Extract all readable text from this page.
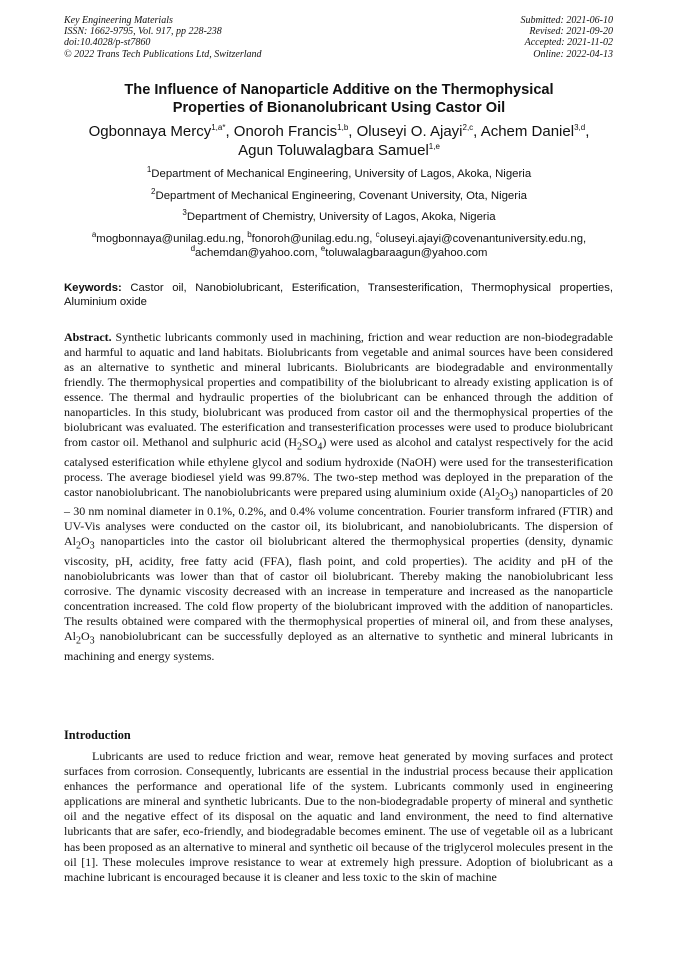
Key Engineering Materials
ISSN: 1662-9795, Vol. 917, pp 228-238
doi:10.4028/p-st7860
© 2022 Trans Tech Publications Ltd, Switzerland
Submitted: 2021-06-10
Revised: 2021-09-20
Accepted: 2021-11-02
Online: 2022-04-13
The Influence of Nanoparticle Additive on the Thermophysical
Properties of Bionanolubricant Using Castor Oil
Ogbonnaya Mercy$^{1,a*}$, Onoroh Francis$^{1,b}$, Oluseyi O. Ajayi$^{2,c}$, Achem Daniel$^{3,d}$,
Agun Toluwalagbara Samuel$^{1,e}$
$^1$Department of Mechanical Engineering, University of Lagos, Akoka, Nigeria
$^2$Department of Mechanical Engineering, Covenant University, Ota, Nigeria
$^3$Department of Chemistry, University of Lagos, Akoka, Nigeria
$^a$mogbonnaya@unilag.edu.ng, $^b$fonoroh@unilag.edu.ng, $^c$oluseyi.ajayi@covenantuniversity.edu.ng,
$^d$achemdan@yahoo.com, $^e$toluwalagbaraagun@yahoo.com
Keywords: Castor oil, Nanobiolubricant, Esterification, Transesterification, Thermophysical properties, Aluminium oxide
Abstract. Synthetic lubricants commonly used in machining, friction and wear reduction are non-biodegradable and harmful to aquatic and land habitats. Biolubricants from vegetable and animal sources have been considered as an alternative to synthetic and mineral lubricants. Biolubricants are biodegradable and environmentally friendly. The thermophysical properties and compatibility of the biolubricant to already existing application is of essence. The thermal and hydraulic properties of the biolubricant can be enhanced through the addition of nanoparticles. In this study, biolubricant was produced from castor oil and the thermophysical properties of the biolubricant was evaluated. The esterification and transesterification processes were used to produce biolubricant from castor oil. Methanol and sulphuric acid $(H_2SO_4)$ were used as alcohol and catalyst respectively for the acid catalysed esterification while ethylene glycol and sodium hydroxide (NaOH) were used for the transesterification process. The average biodiesel yield was 99.87%. The two-step method was deployed in the preparation of the castor nanobiolubricant. The nanobiolubricants were prepared using aluminium oxide $(Al_2O_3)$ nanoparticles of 20 – 30 nm nominal diameter in 0.1%, 0.2%, and 0.4% volume concentration. Fourier transform infrared (FTIR) and UV-Vis analyses were conducted on the castor oil, its biolubricant, and nanobiolubricants. The dispersion of $Al_2O_3$ nanoparticles into the castor oil biolubricant altered the thermophysical properties (density, dynamic viscosity, pH, acidity, free fatty acid (FFA), flash point, and cold properties). The acidity and pH of the nanobiolubricants was lower than that of castor oil biolubricant. Thereby making the nanobiolubricant less corrosive. The dynamic viscosity decreased with an increase in temperature and increased as the nanoparticle concentration increased. The cold flow property of the biolubricant improved with the addition of nanoparticles. The results obtained were compared with the thermophysical properties of mineral oil, and from these analyses, $Al_2O_3$ nanobiolubricant can be successfully deployed as an alternative to synthetic and mineral lubricants in machining and energy systems.
Introduction
Lubricants are used to reduce friction and wear, remove heat generated by moving surfaces and protect surfaces from corrosion. Consequently, lubricants are essential in the industrial process because their application enhances the performance and operational life of the system. Lubricants commonly used in engineering applications are mineral and synthetic lubricants. Due to the non-biodegradable property of mineral and synthetic oil and the negative effect of its disposal on the aquatic and land environment, the need to find alternative lubricants that are safer, eco-friendly, and biodegradable becomes eminent. The use of vegetable oil as a lubricant has been proposed as an alternative to mineral and synthetic oil because of the triglycerol molecules present in the oil [1]. These molecules improve resistance to wear at extremely high pressure. Adoption of biolubricant as a machine lubricant is encouraged because it is cleaner and less toxic to the skin of machine
